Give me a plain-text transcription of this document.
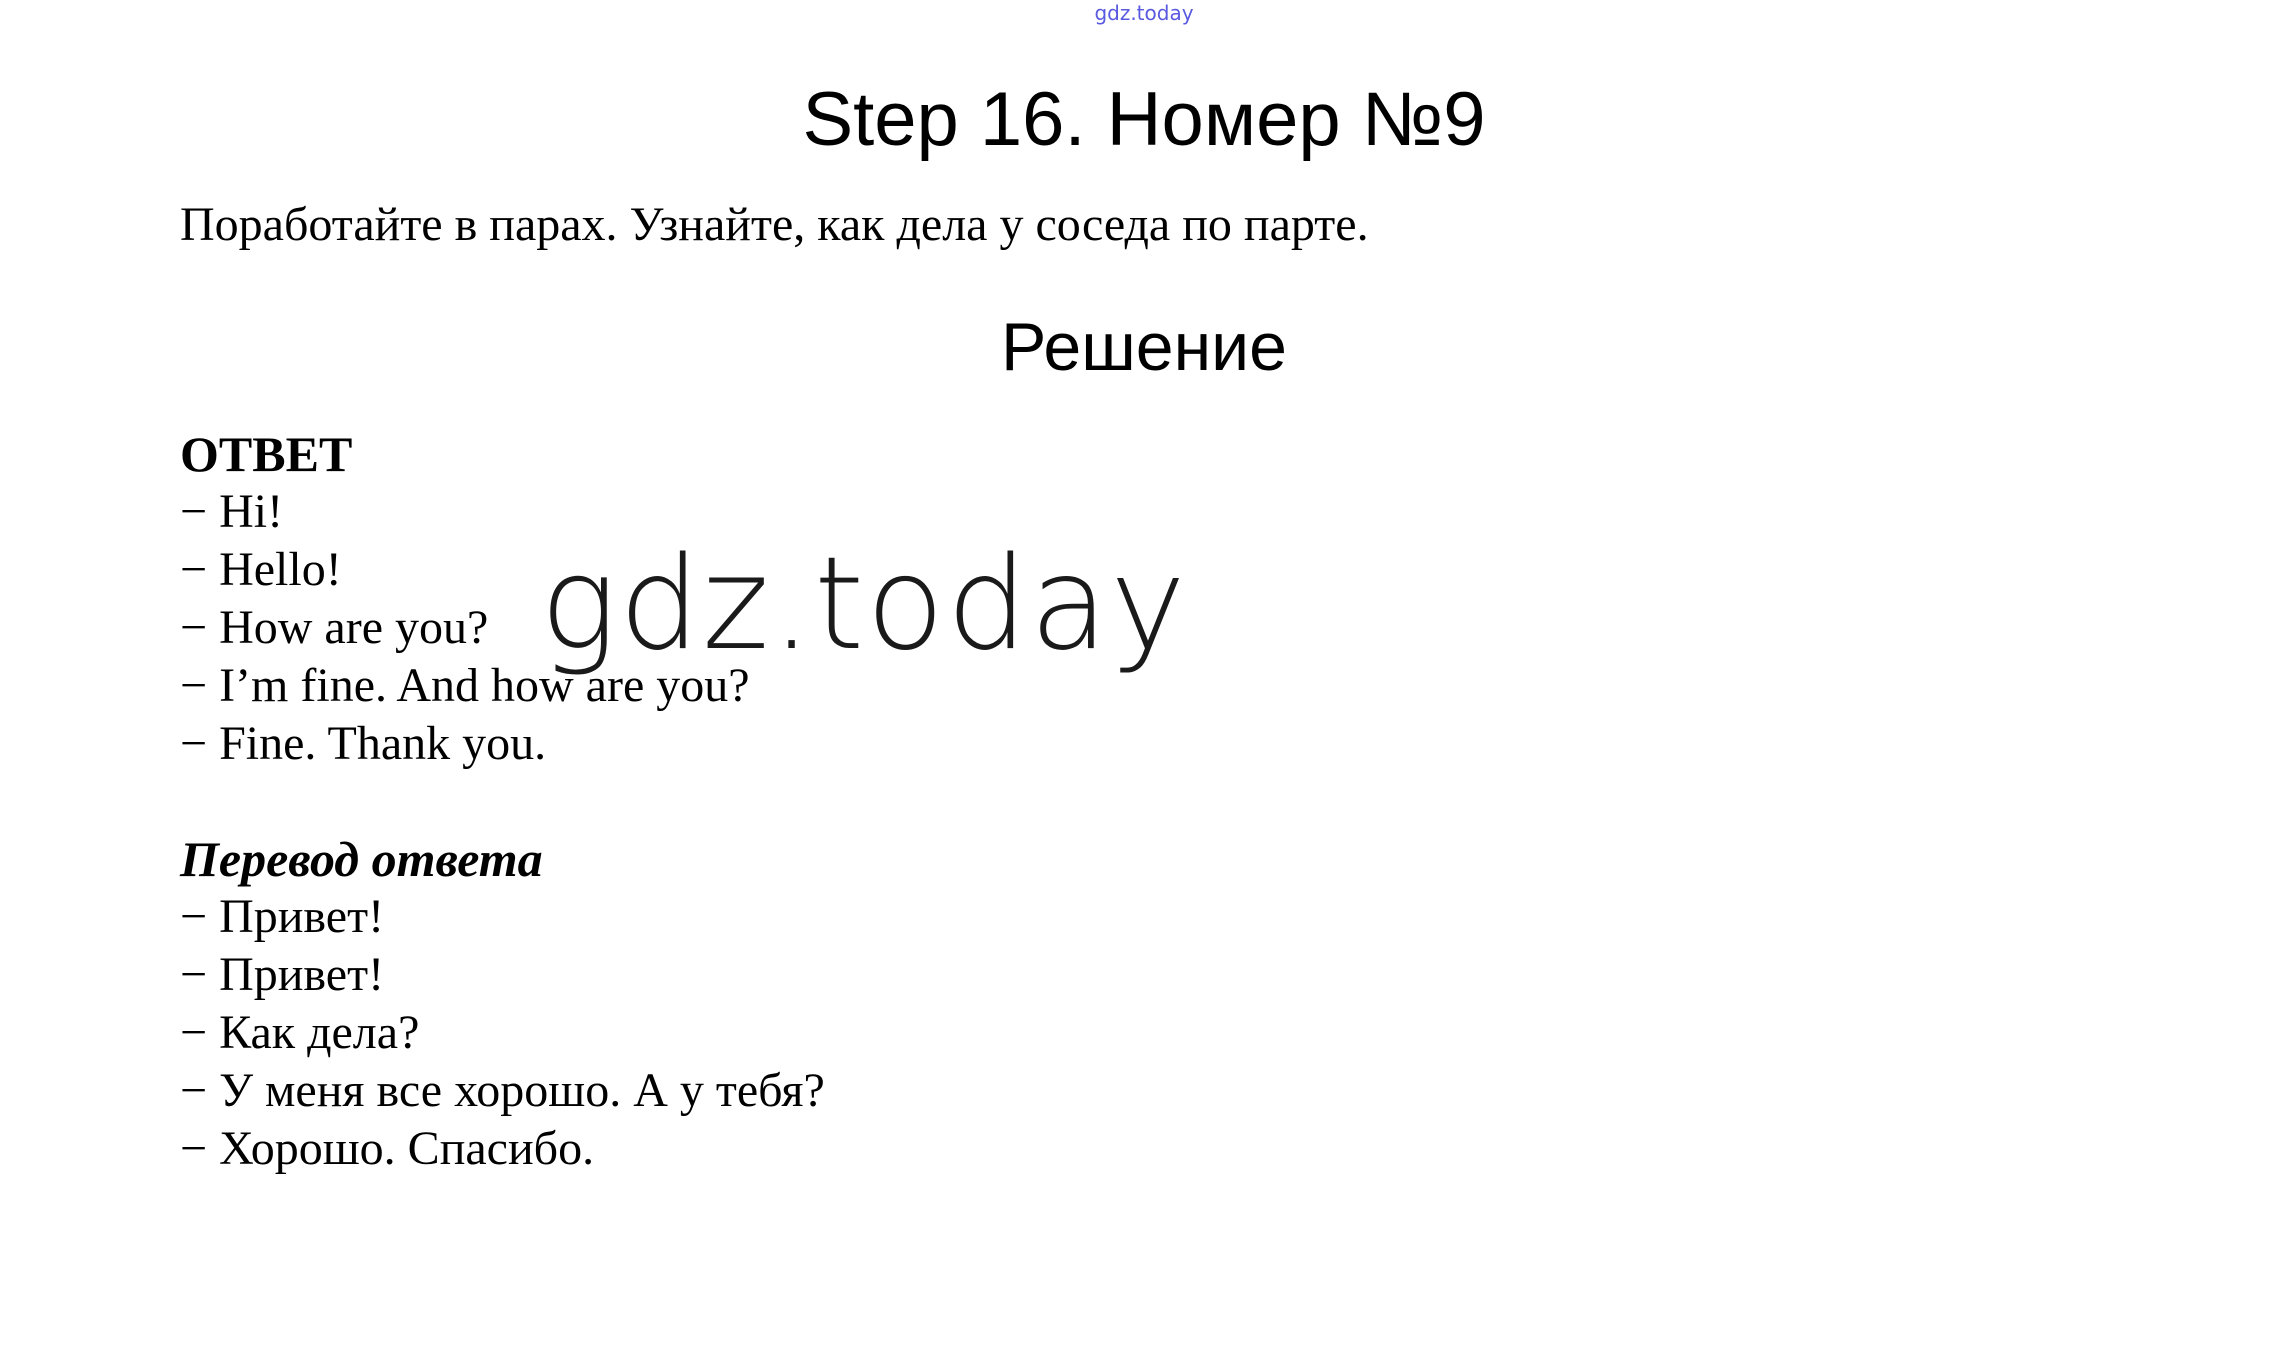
gdz.today
Step 16. Номер №9
Поработайте в парах. Узнайте, как дела у соседа по парте.
Решение
ОТВЕТ
− Hi!
− Hello!
− How are you?
− I’m fine. And how are you?
− Fine. Thank you.
Перевод ответа
− Привет!
− Привет!
− Как дела?
− У меня все хорошо. А у тебя?
− Хорошо. Спасибо.
gdz.today
